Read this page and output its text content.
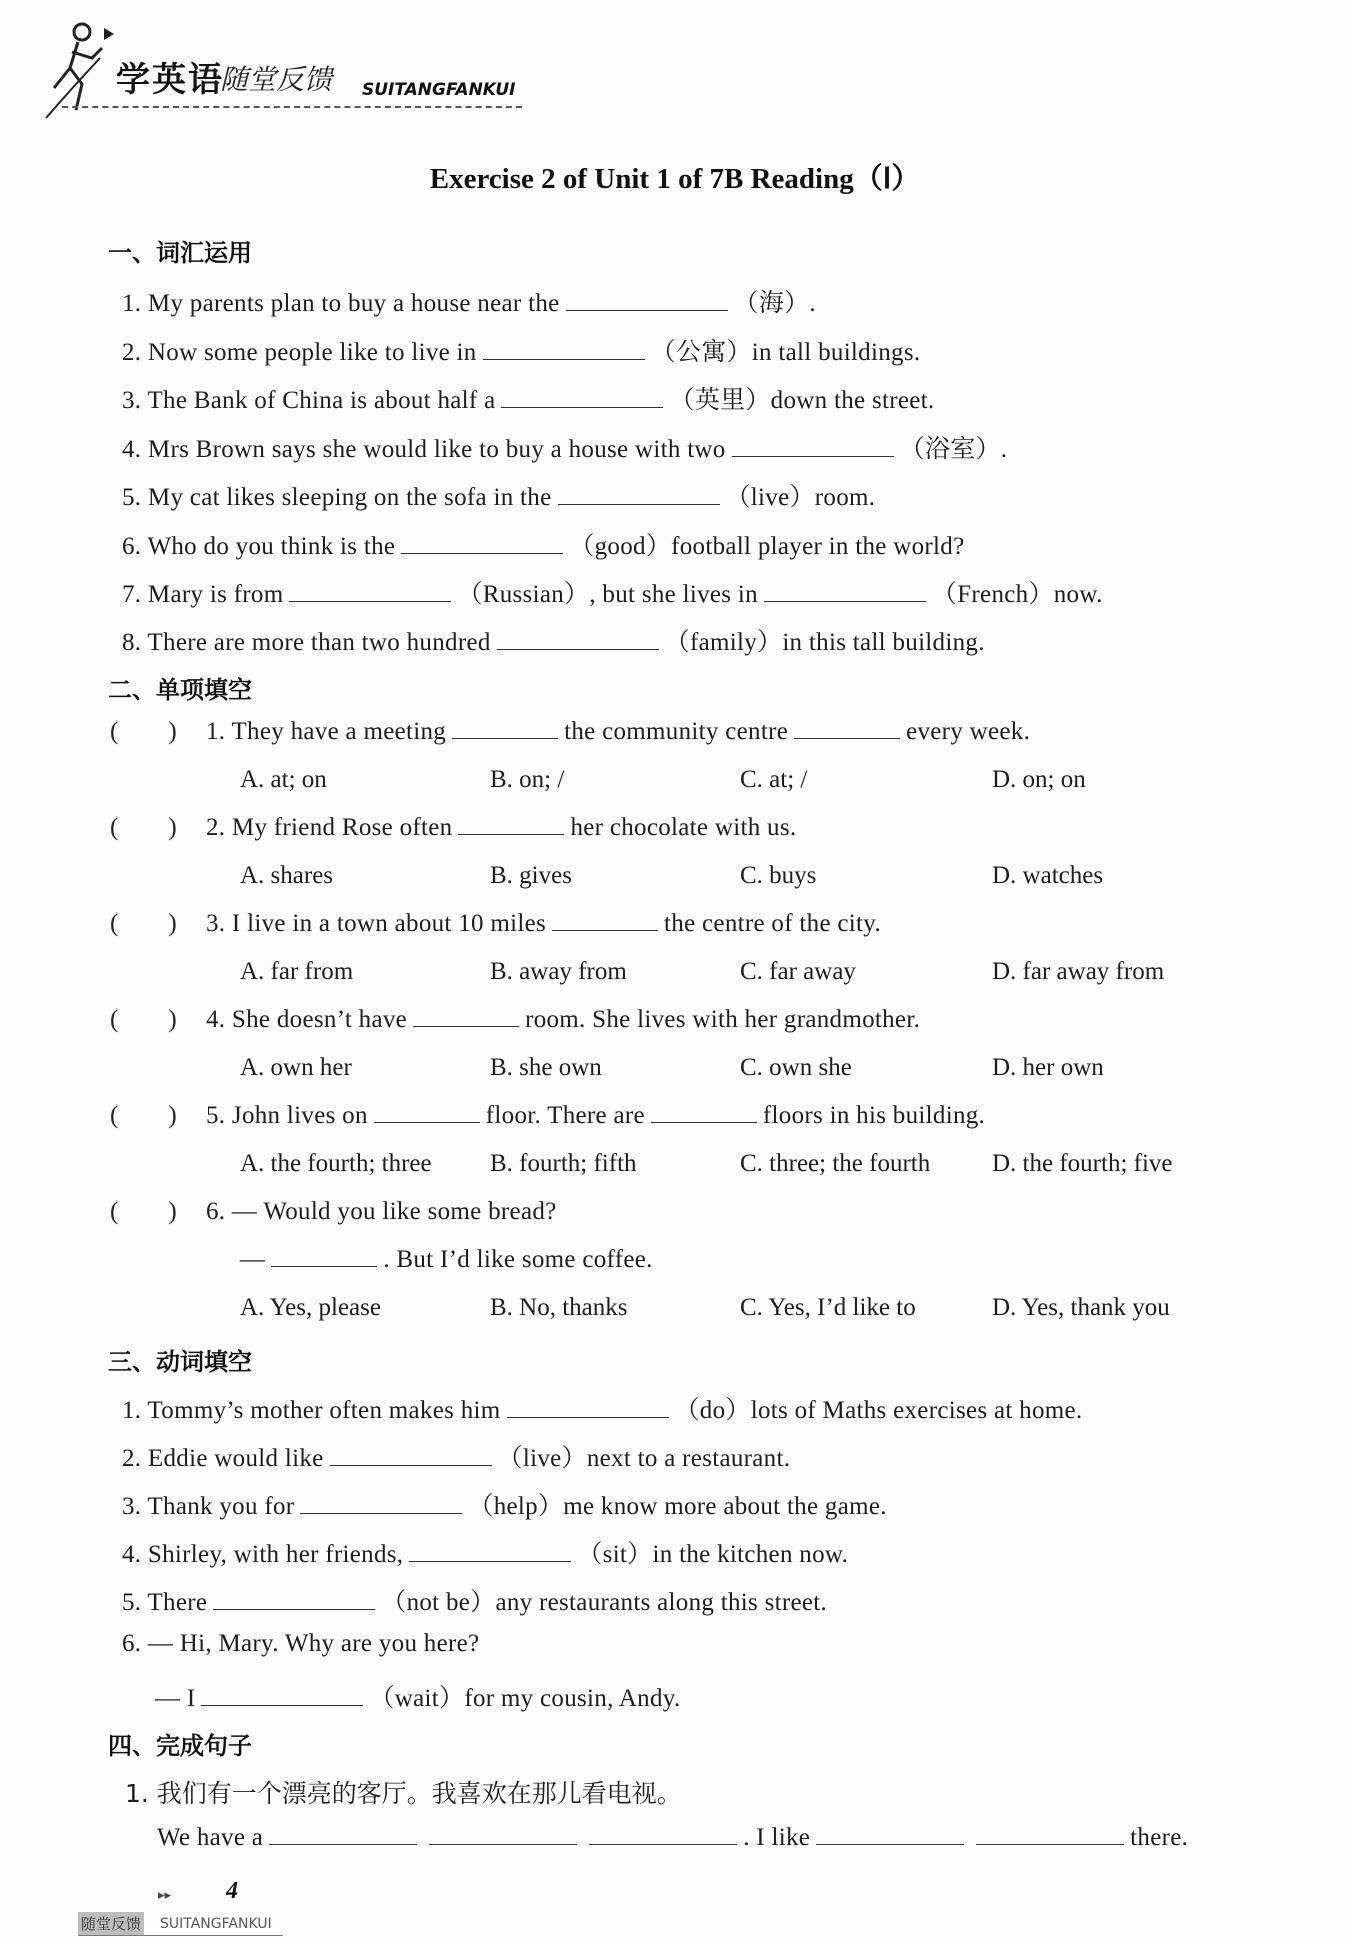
学英语
随堂反馈 SUITANGFANKUI
Exercise 2 of Unit 1 of 7B Reading（Ⅰ）
一、词汇运用
1. My parents plan to buy a house near the	（海）.
2. Now some people like to live in	（公寓）in tall buildings.
3. The Bank of China is about half a	（英里）down the street.
4. Mrs Brown says she would like to buy a house with two	（浴室）.
5. My cat likes sleeping on the sofa in the	（live）room.
6. Who do you think is the	（good）football player in the world?
7. Mary is from	（Russian）, but she lives in	（French）now.
8. There are more than two hundred	（family）in this tall building.
二、单项填空
( ) 1. They have a meeting	the community centre	every week.
A. at; on	B. on; /	C. at; /	D. on; on
( ) 2. My friend Rose often	her chocolate with us.
A. shares	B. gives	C. buys	D. watches
( ) 3. I live in a town about 10 miles	the centre of the city.
A. far from	B. away from	C. far away	D. far away from
( ) 4. She doesn’t have	room. She lives with her grandmother.
A. own her	B. she own	C. own she	D. her own
( ) 5. John lives on	floor. There are	floors in his building.
A. the fourth; three B. fourth; fifth	C. three; the fourth D. the fourth; five
( ) 6. — Would you like some bread?
—	. But I’d like some coffee.
A. Yes, please	B. No, thanks	C. Yes, I’d like to	D. Yes, thank you
三、动词填空
1. Tommy’s mother often makes him	（do）lots of Maths exercises at home.
2. Eddie would like	（live）next to a restaurant.
3. Thank you for	（help）me know more about the game.
4. Shirley, with her friends,	（sit）in the kitchen now.
5. There	（not be）any restaurants along this street.
6. — Hi, Mary. Why are you here?
— I	（wait）for my cousin, Andy.
四、完成句子
1. 我们有一个漂亮的客厅。我喜欢在那儿看电视。
We have a	. I like	there.
▸▸ 4
随堂反馈 SUITANGFANKUI
